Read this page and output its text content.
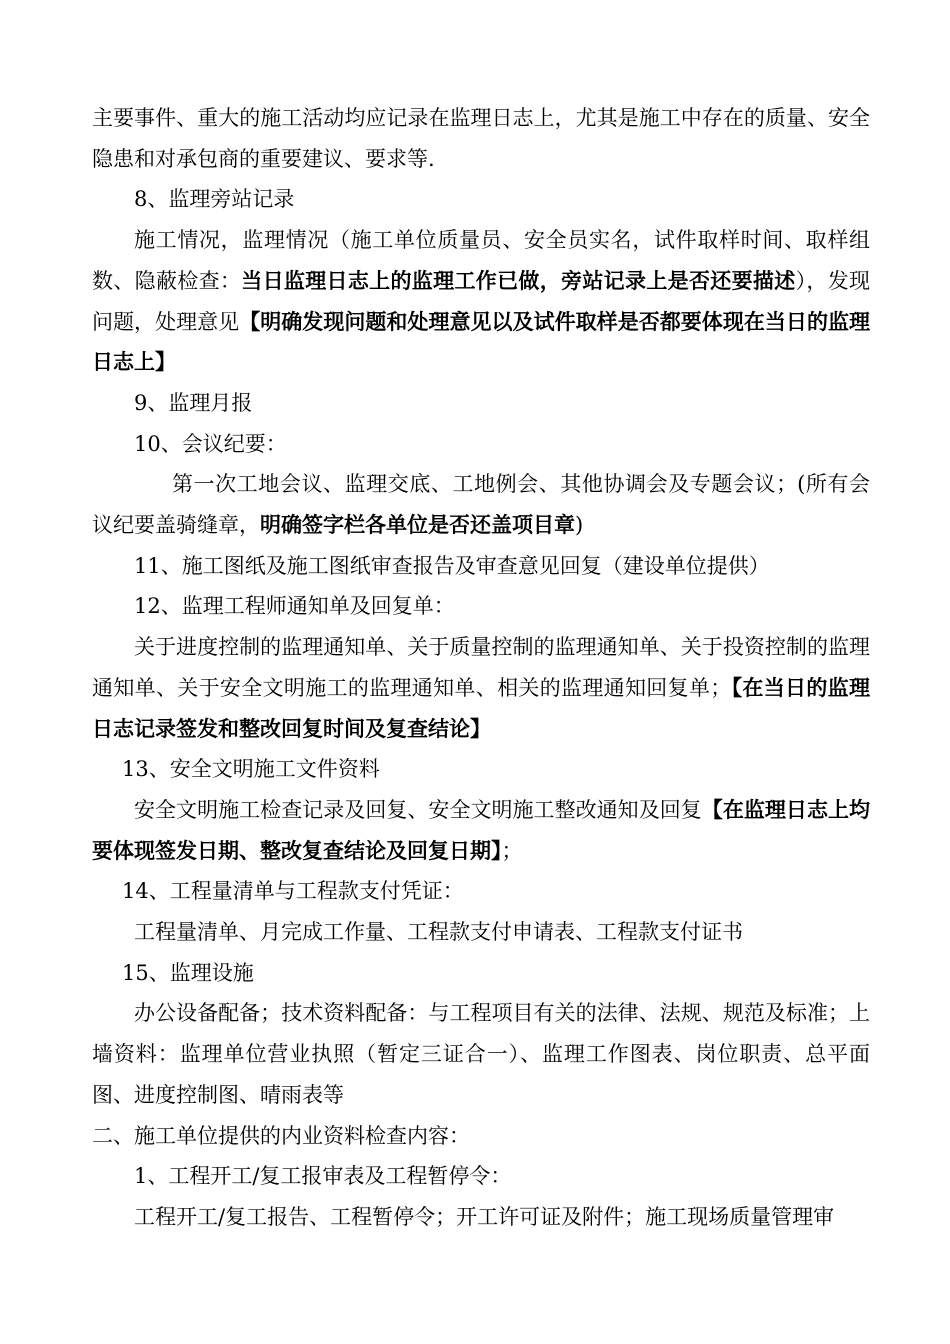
主要事件、重大的施工活动均应记录在监理日志上，尤其是施工中存在的质量、安全隐患和对承包商的重要建议、要求等.

8、监理旁站记录

施工情况，监理情况（施工单位质量员、安全员实名，试件取样时间、取样组数、隐蔽检查：当日监理日志上的监理工作已做，旁站记录上是否还要描述），发现问题，处理意见【明确发现问题和处理意见以及试件取样是否都要体现在当日的监理日志上】

9、监理月报

10、会议纪要：

第一次工地会议、监理交底、工地例会、其他协调会及专题会议；(所有会议纪要盖骑缝章，明确签字栏各单位是否还盖项目章)

11、施工图纸及施工图纸审查报告及审查意见回复（建设单位提供）

12、监理工程师通知单及回复单：

关于进度控制的监理通知单、关于质量控制的监理通知单、关于投资控制的监理通知单、关于安全文明施工的监理通知单、相关的监理通知回复单；【在当日的监理日志记录签发和整改回复时间及复查结论】

13、安全文明施工文件资料

安全文明施工检查记录及回复、安全文明施工整改通知及回复【在监理日志上均要体现签发日期、整改复查结论及回复日期】；

14、工程量清单与工程款支付凭证：

工程量清单、月完成工作量、工程款支付申请表、工程款支付证书

15、监理设施

办公设备配备；技术资料配备：与工程项目有关的法律、法规、规范及标准；上墙资料：监理单位营业执照（暂定三证合一）、监理工作图表、岗位职责、总平面图、进度控制图、晴雨表等

二、施工单位提供的内业资料检查内容：

1、工程开工/复工报审表及工程暂停令：

工程开工/复工报告、工程暂停令；开工许可证及附件；施工现场质量管理审
